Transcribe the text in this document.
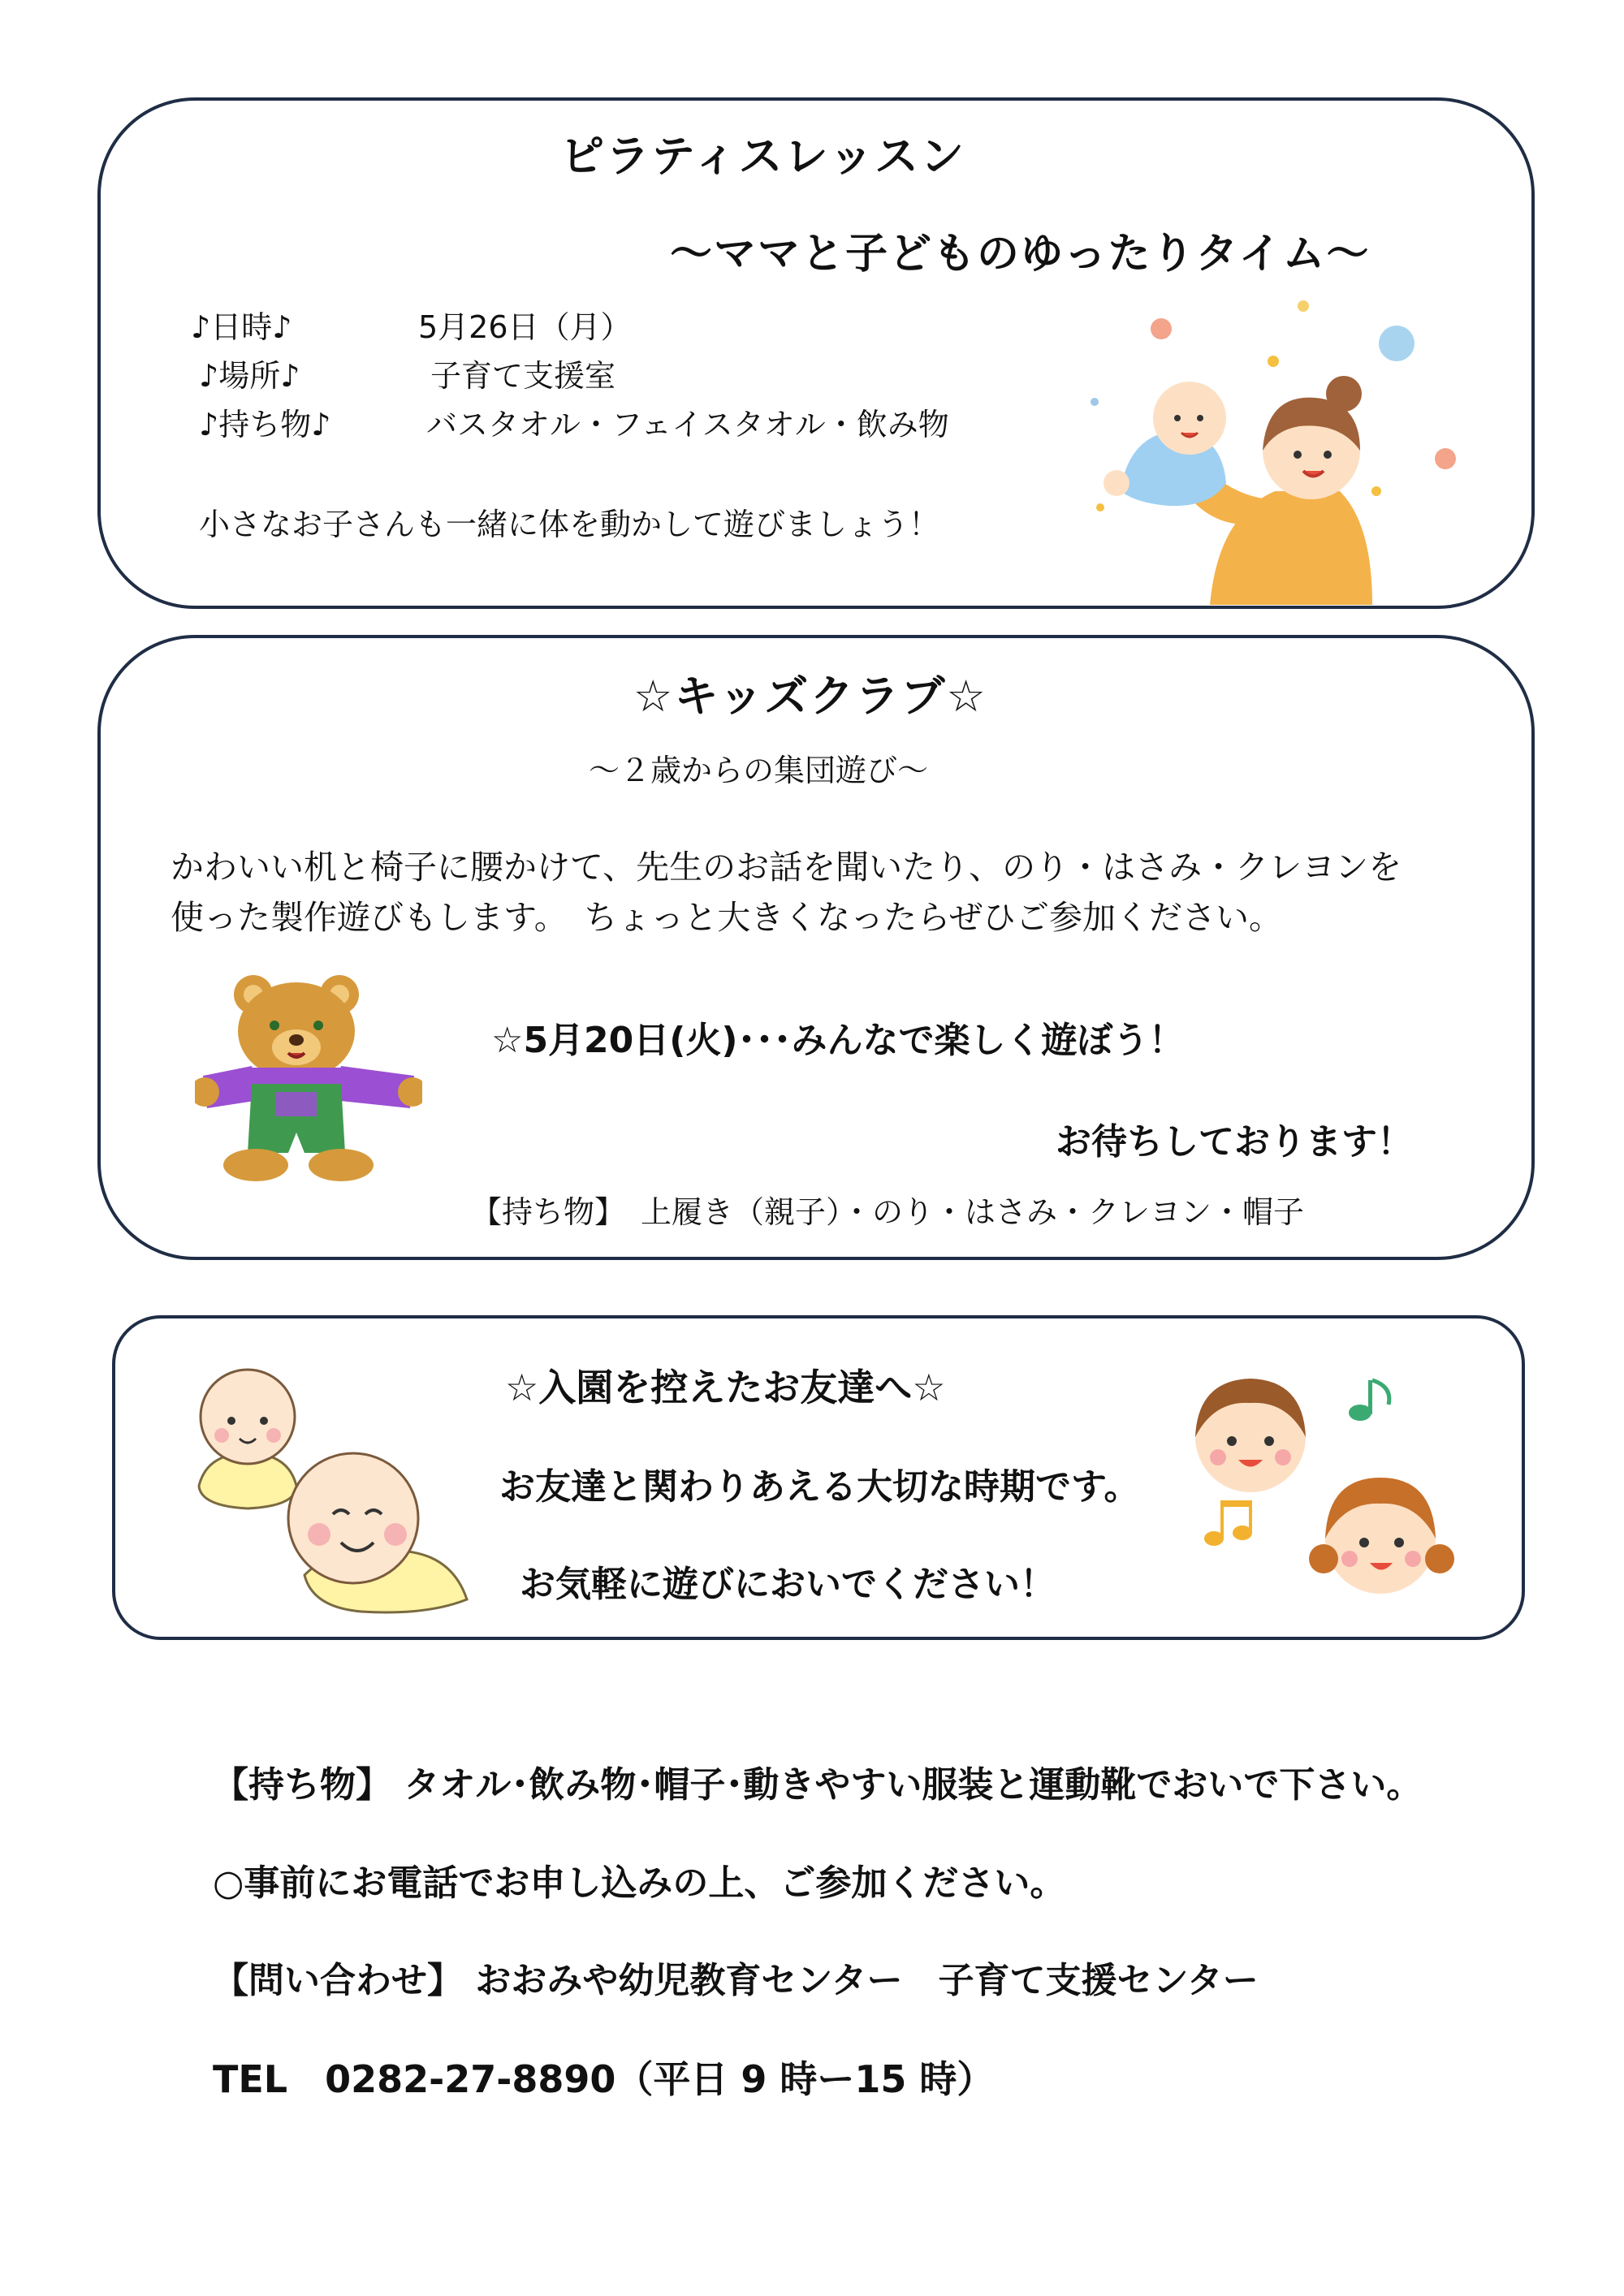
ピラティスレッスン
〜ママと子どものゆったりタイム〜
♪日時♪	5月26日（月）
♪場所♪	子育て支援室
♪持ち物♪	バスタオル・フェイスタオル・飲み物
小さなお子さんも一緒に体を動かして遊びましょう！
☆キッズクラブ☆
〜２歳からの集団遊び〜
かわいい机と椅子に腰かけて、先生のお話を聞いたり、のり・はさみ・クレヨンを
使った製作遊びもします。　ちょっと大きくなったらぜひご参加ください。
☆5月20日(火)･･･みんなで楽しく遊ぼう！
お待ちしております！
【持ち物】　上履き（親子）・のり・はさみ・クレヨン・帽子
☆入園を控えたお友達へ☆
お友達と関わりあえる大切な時期です。
お気軽に遊びにおいでください！
【持ち物】 タオル･飲み物･帽子･動きやすい服装と運動靴でおいで下さい。
○事前にお電話でお申し込みの上、ご参加ください。
【問い合わせ】 おおみや幼児教育センター　子育て支援センター
TEL　0282-27-8890（平日 9 時ー15 時）
